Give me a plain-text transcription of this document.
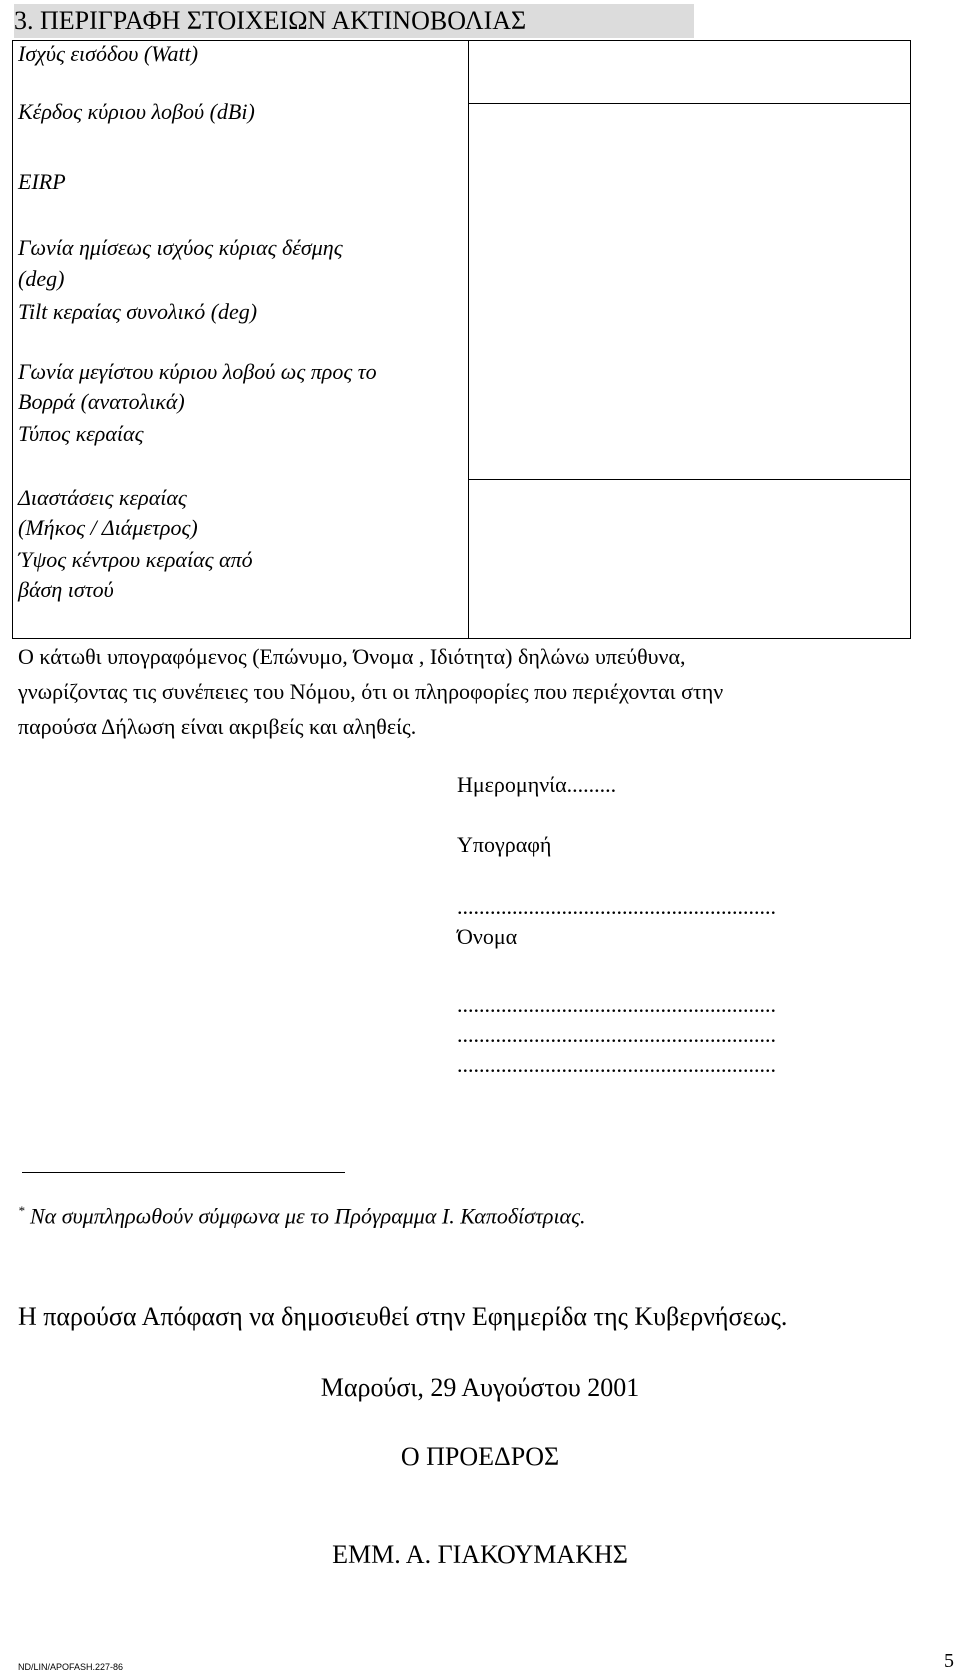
3. ΠΕΡΙΓΡΑΦΗ ΣΤΟΙΧΕΙΩΝ ΑΚΤΙΝΟΒΟΛΙΑΣ
Ισχύς εισόδου (Watt)
Κέρδος κύριου λοβού (dBi)
EIRP
Γωνία ημίσεως ισχύος κύριας δέσμης
(deg)
Tilt κεραίας συνολικό (deg)
Γωνία μεγίστου κύριου λοβού ως προς το
Βορρά (ανατολικά)
Τύπος κεραίας
Διαστάσεις κεραίας
(Μήκος / Διάμετρος)
Ύψος κέντρου κεραίας από
βάση ιστού
Ο κάτωθι υπογραφόμενος (Επώνυμο, Όνομα , Ιδιότητα) δηλώνω υπεύθυνα,
γνωρίζοντας τις συνέπειες του Νόμου, ότι οι πληροφορίες που περιέχονται στην
παρούσα Δήλωση είναι ακριβείς και αληθείς.
Ημερομηνία.........
Υπογραφή
..........................................................
Όνομα
..........................................................
..........................................................
..........................................................
* Να συμπληρωθούν σύμφωνα με το Πρόγραμμα Ι. Καποδίστριας.
Η παρούσα Απόφαση να δημοσιευθεί στην Εφημερίδα της Κυβερνήσεως.
Μαρούσι, 29 Αυγούστου 2001
Ο ΠΡΟΕΔΡΟΣ
ΕΜΜ. Α. ΓΙΑΚΟΥΜΑΚΗΣ
ND/LIN/APOFASH.227-86	5
